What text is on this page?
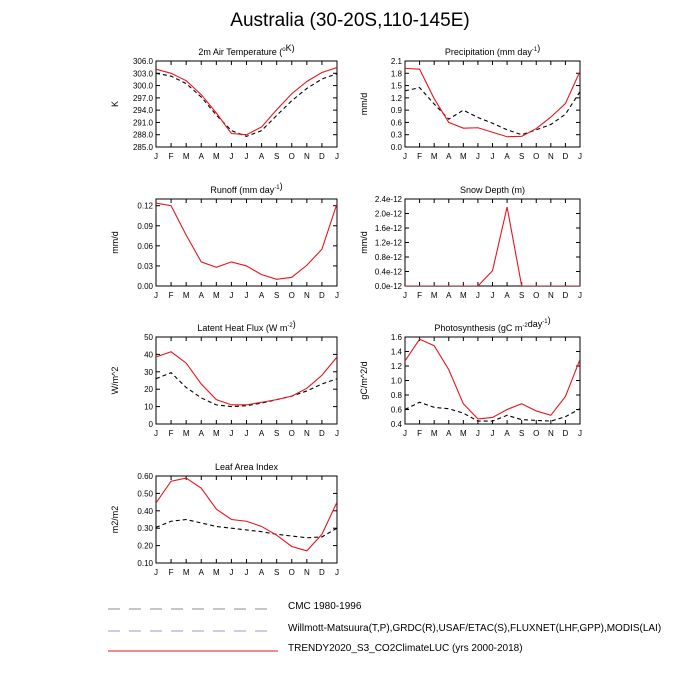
2m Air Temperature ($^o$K)
285.0
288.0
291.0
294.0
297.0
300.0
303.0
306.0
J F M A M J J A S O N D J
K
Precipitation (mm day$^{-1}$)
0.0
0.3
0.6
0.9
1.2
1.5
1.8
2.1
J F M A M J J A S O N D J
mm/d
Runoff (mm day$^{-1}$)
0.00
0.03
0.06
0.09
0.12
J F M A M J J A S O N D J
mm/d
Snow Depth (m)
0.0e-12
0.4e-12
0.8e-12
1.2e-12
1.6e-12
2.0e-12
2.4e-12
J F M A M J J A S O N D J
mm/d
Latent Heat Flux (W $m^{-2}$)
0
10
20
30
40
50
J F M A M J J A S O N D J
W/m^2
Photosynthesis (gC $m^{-2}day^{-1}$)
0.4
0.6
0.8
1.0
1.2
1.4
1.6
J F M A M J J A S O N D J
gC/m^2/d
Leaf Area Index
0.10
0.20
0.30
0.40
0.50
0.60
J F M A M J J A S O N D J
m2/m2
Australia (30-20S,110-145E)
CMC 1980-1996
Willmott-Matsuura(T,P),GRDC(R),USAF/ETAC(S),FLUXNET(LHF,GPP),MODIS(LAI)
TRENDY2020_S3_CO2ClimateLUC (yrs 2000-2018)
